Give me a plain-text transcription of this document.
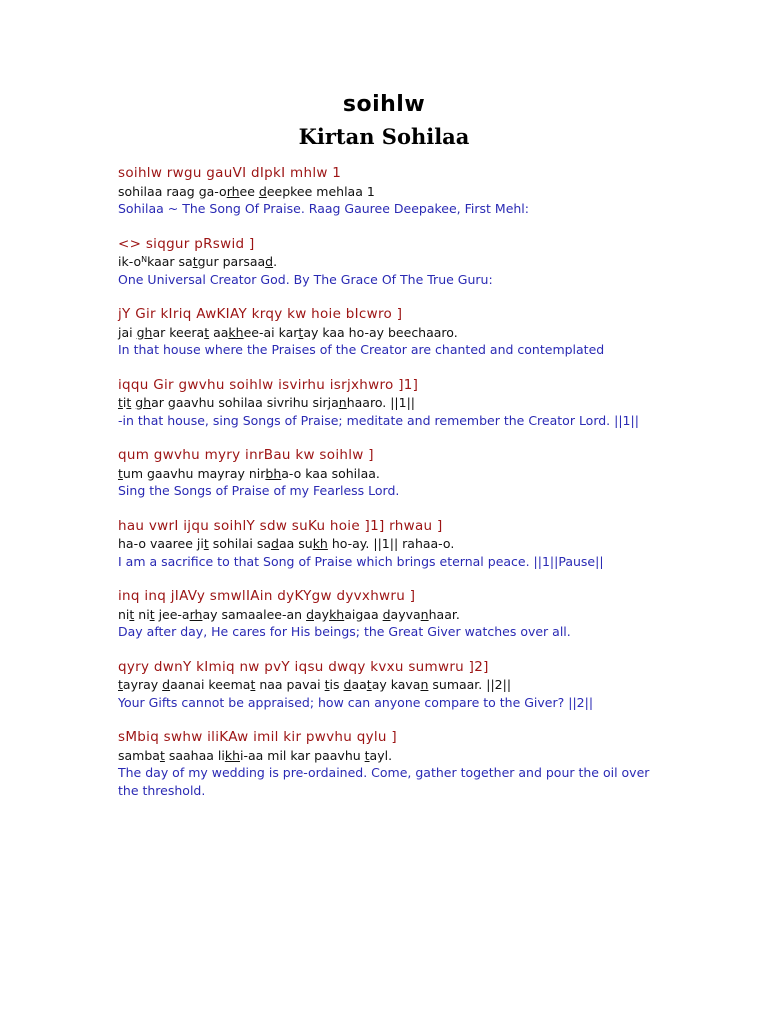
soihlw
Kirtan Sohilaa
soihlw rwgu gauVI dIpkI mhlw 1
sohilaa raag ga-orhee deepkee mehlaa 1
Sohilaa ~ The Song Of Praise. Raag Gauree Deepakee, First Mehl:
<> siqgur pRswid ]
$ik-o^Nkaar$ satgur parsaad.
One Universal Creator God. By The Grace Of The True Guru:
jY Gir kIriq AwKIAY krqy kw hoie bIcwro ]
jai ghar keerat aakhee-ai kartay kaa ho-ay beechaaro.
In that house where the Praises of the Creator are chanted and contemplated
iqqu Gir gwvhu soihlw isvirhu isrjxhwro ]1]
tit ghar gaavhu sohilaa sivrihu sirjanhaaro. ||1||
-in that house, sing Songs of Praise; meditate and remember the Creator Lord. ||1||
qum gwvhu myry inrBau kw soihlw ]
tum gaavhu mayray nirbha-o kaa sohilaa.
Sing the Songs of Praise of my Fearless Lord.
hau vwrI ijqu soihlY sdw suKu hoie ]1] rhwau ]
ha-o vaaree jit sohilai sadaa sukh ho-ay. ||1|| rahaa-o.
I am a sacrifice to that Song of Praise which brings eternal peace. ||1||Pause||
inq inq jIAVy smwlIAin dyKYgw dyvxhwru ]
nit nit jee-arhay samaalee-an daykhaigaa dayvanhaar.
Day after day, He cares for His beings; the Great Giver watches over all.
qyry dwnY kImiq nw pvY iqsu dwqy kvxu sumwru ]2]
tayray daanai keemat naa pavai tis daatay kavan sumaar. ||2||
Your Gifts cannot be appraised; how can anyone compare to the Giver? ||2||
sMbiq swhw iliKAw imil kir pwvhu qylu ]
sambat saahaa likhi-aa mil kar paavhu tayl.
The day of my wedding is pre-ordained. Come, gather together and pour the oil over the threshold.
